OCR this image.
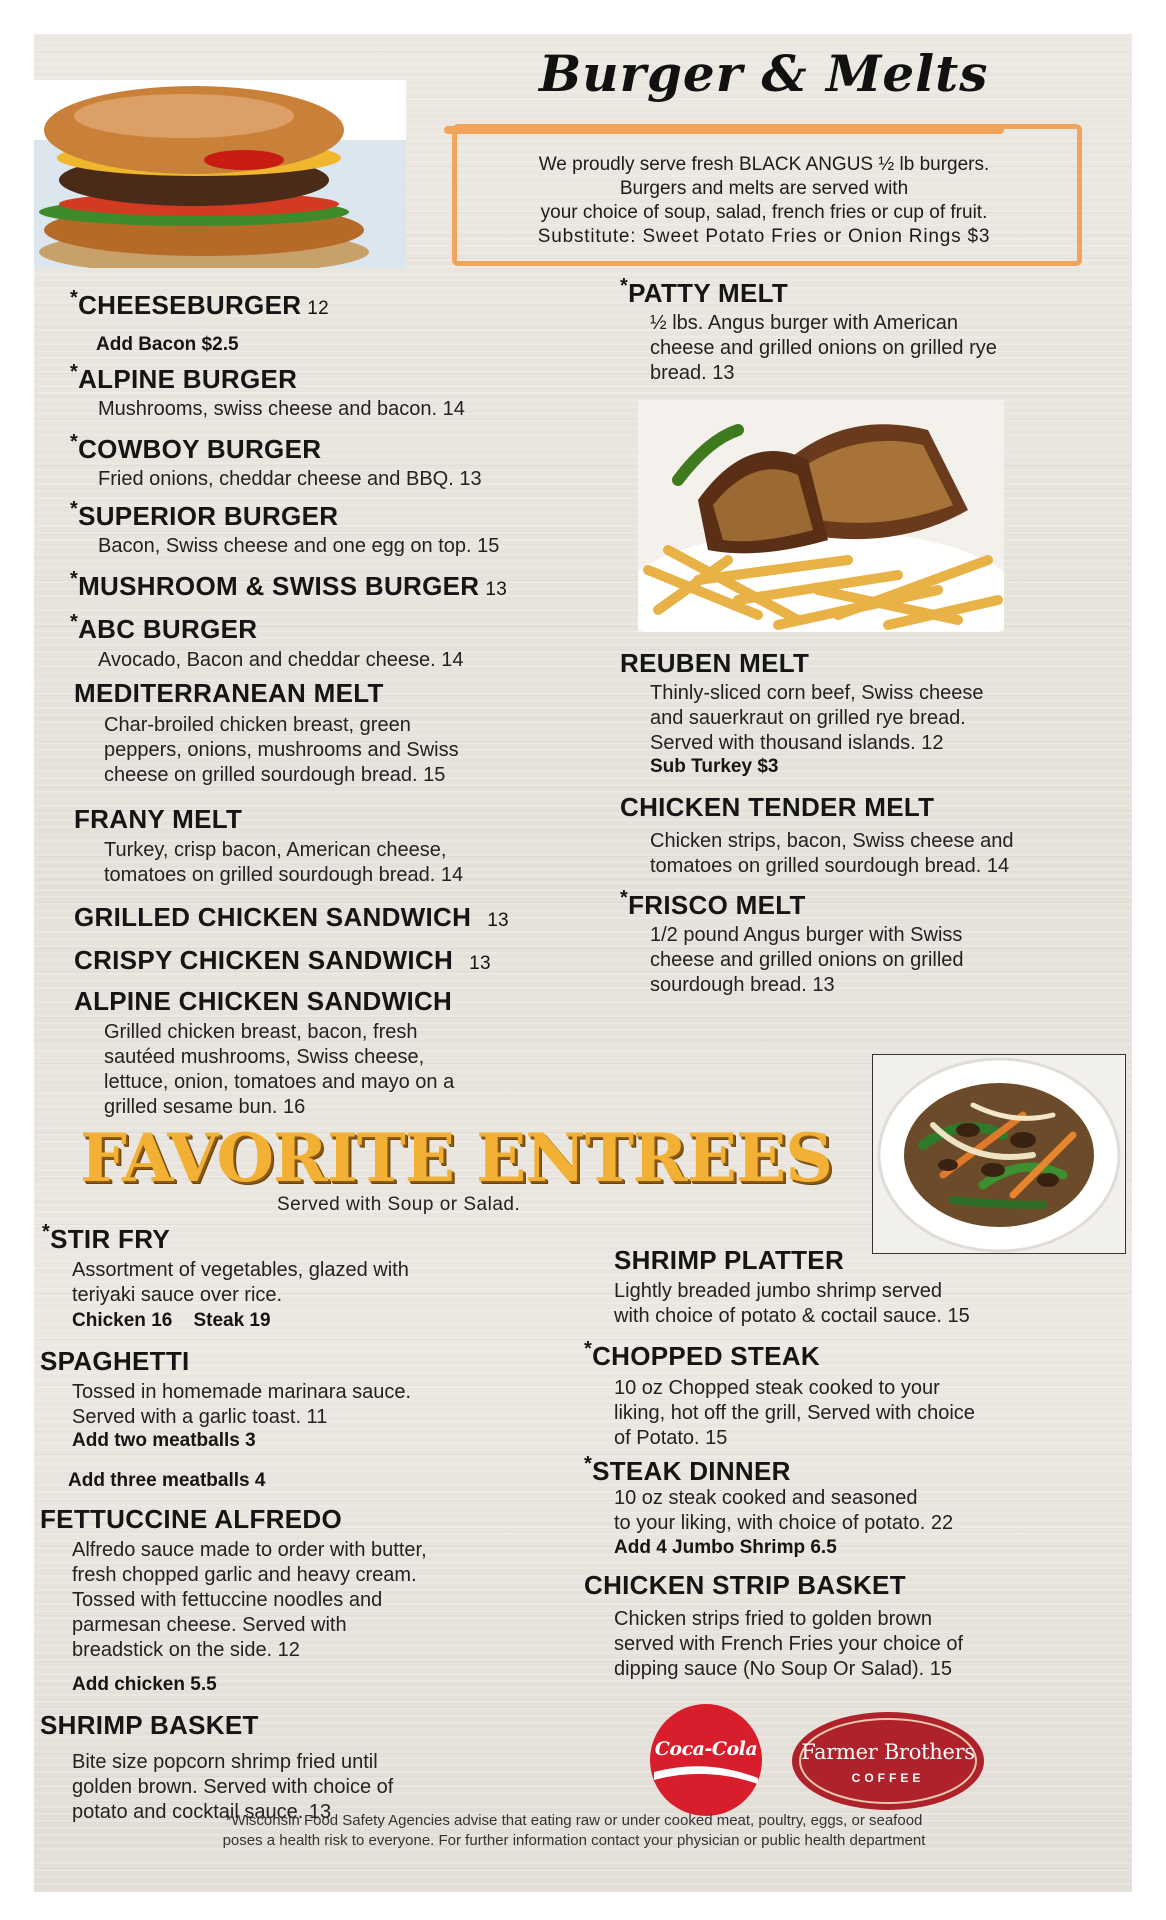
Burger & Melts
We proudly serve fresh BLACK ANGUS ½ lb burgers.
Burgers and melts are served with
your choice of soup, salad, french fries or cup of fruit.
Substitute: Sweet Potato Fries or Onion Rings $3
*CHEESEBURGER 12
Add Bacon $2.5
*ALPINE BURGER
Mushrooms, swiss cheese and bacon. 14
*COWBOY BURGER
Fried onions, cheddar cheese and BBQ. 13
*SUPERIOR BURGER
Bacon, Swiss cheese and one egg on top. 15
*MUSHROOM & SWISS BURGER 13
*ABC BURGER
Avocado, Bacon and cheddar cheese. 14
MEDITERRANEAN MELT
Char-broiled chicken breast, green
peppers, onions, mushrooms and Swiss
cheese on grilled sourdough bread. 15
FRANY MELT
Turkey, crisp bacon, American cheese,
tomatoes on grilled sourdough bread. 14
GRILLED CHICKEN SANDWICH 13
CRISPY CHICKEN SANDWICH 13
ALPINE CHICKEN SANDWICH
Grilled chicken breast, bacon, fresh
sautéed mushrooms, Swiss cheese,
lettuce, onion, tomatoes and mayo on a
grilled sesame bun. 16
*PATTY MELT
½ lbs. Angus burger with American
cheese and grilled onions on grilled rye
bread. 13
REUBEN MELT
Thinly-sliced corn beef, Swiss cheese
and sauerkraut on grilled rye bread.
Served with thousand islands. 12
Sub Turkey $3
CHICKEN TENDER MELT
Chicken strips, bacon, Swiss cheese and
tomatoes on grilled sourdough bread. 14
*FRISCO MELT
1/2 pound Angus burger with Swiss
cheese and grilled onions on grilled
sourdough bread. 13
FAVORITE ENTREES
Served with Soup or Salad.
*STIR FRY
Assortment of vegetables, glazed with
teriyaki sauce over rice.
Chicken 16    Steak 19
SPAGHETTI
Tossed in homemade marinara sauce.
Served with a garlic toast. 11
Add two meatballs 3
Add three meatballs 4
FETTUCCINE ALFREDO
Alfredo sauce made to order with butter,
fresh chopped garlic and heavy cream.
Tossed with fettuccine noodles and
parmesan cheese. Served with
breadstick on the side. 12
Add chicken 5.5
SHRIMP BASKET
Bite size popcorn shrimp fried until
golden brown. Served with choice of
potato and cocktail sauce. 13
SHRIMP PLATTER
Lightly breaded jumbo shrimp served
with choice of potato & coctail sauce. 15
*CHOPPED STEAK
10 oz Chopped steak cooked to your
liking, hot off the grill, Served with choice
of Potato. 15
*STEAK DINNER
10 oz steak cooked and seasoned
to your liking, with choice of potato. 22
Add 4 Jumbo Shrimp 6.5
CHICKEN STRIP BASKET
Chicken strips fried to golden brown
served with French Fries your choice of
dipping sauce (No Soup Or Salad). 15
Coca-Cola	Farmer Brothers
COFFEE
*Wisconsin Food Safety Agencies advise that eating raw or under cooked meat, poultry, eggs, or seafood
poses a health risk to everyone. For further information contact your physician or public health department
